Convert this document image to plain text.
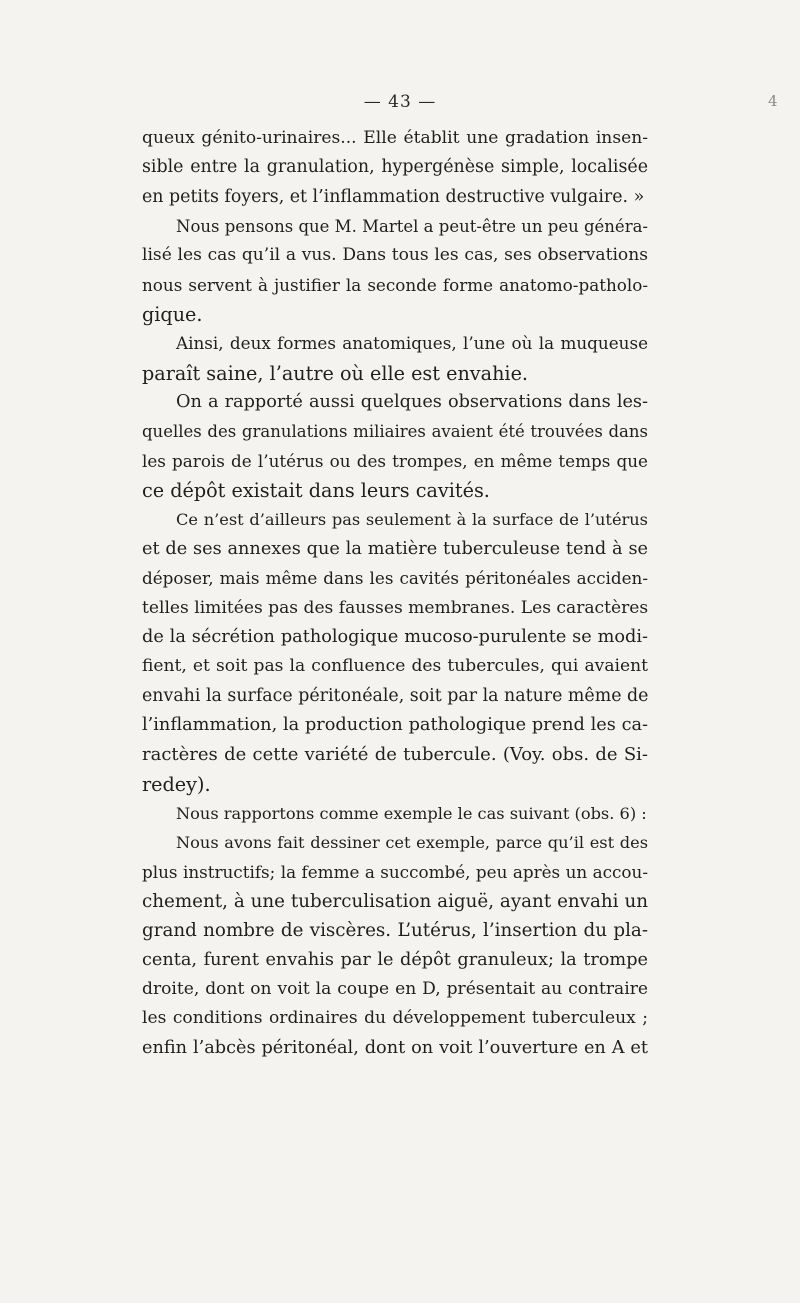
— 43 —	4
queux génito-urinaires... Elle établit une gradation insen-
sible entre la granulation, hypergénèse simple, localisée
en petits foyers, et l’inflammation destructive vulgaire. »
Nous pensons que M. Martel a peut-être un peu généra-
lisé les cas qu’il a vus. Dans tous les cas, ses observations
nous servent à justifier la seconde forme anatomo-patholo-
gique.
Ainsi, deux formes anatomiques, l’une où la muqueuse
paraît saine, l’autre où elle est envahie.
On a rapporté aussi quelques observations dans les-
quelles des granulations miliaires avaient été trouvées dans
les parois de l’utérus ou des trompes, en même temps que
ce dépôt existait dans leurs cavités.
Ce n’est d’ailleurs pas seulement à la surface de l’utérus
et de ses annexes que la matière tuberculeuse tend à se
déposer, mais même dans les cavités péritonéales acciden-
telles limitées pas des fausses membranes. Les caractères
de la sécrétion pathologique mucoso-purulente se modi-
fient, et soit pas la confluence des tubercules, qui avaient
envahi la surface péritonéale, soit par la nature même de
l’inflammation, la production pathologique prend les ca-
ractères de cette variété de tubercule. (Voy. obs. de Si-
redey).
Nous rapportons comme exemple le cas suivant (obs. 6) :
Nous avons fait dessiner cet exemple, parce qu’il est des
plus instructifs; la femme a succombé, peu après un accou-
chement, à une tuberculisation aiguë, ayant envahi un
grand nombre de viscères. L’utérus, l’insertion du pla-
centa, furent envahis par le dépôt granuleux; la trompe
droite, dont on voit la coupe en D, présentait au contraire
les conditions ordinaires du développement tuberculeux ;
enfin l’abcès péritonéal, dont on voit l’ouverture en A et
